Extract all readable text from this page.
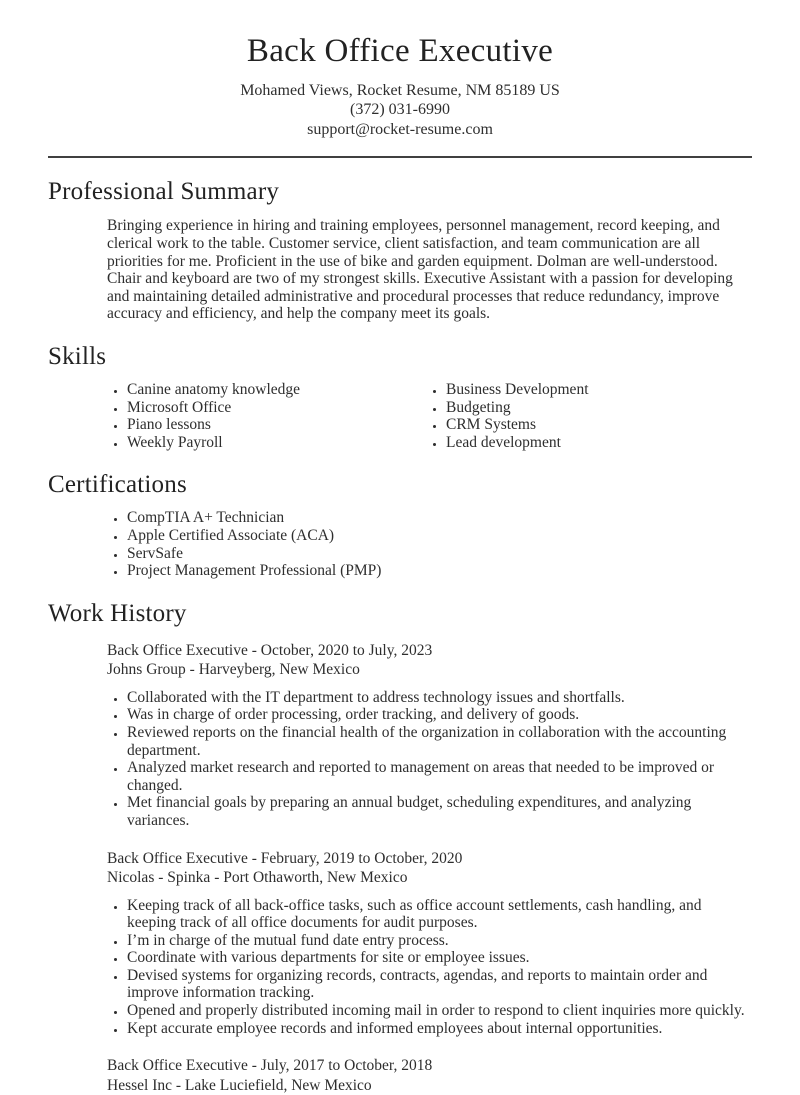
Back Office Executive
Mohamed Views, Rocket Resume, NM 85189 US
(372) 031-6990
support@rocket-resume.com
Professional Summary

Bringing experience in hiring and training employees, personnel management, record keeping, and clerical work to the table. Customer service, client satisfaction, and team communication are all priorities for me. Proficient in the use of bike and garden equipment. Dolman are well-understood. Chair and keyboard are two of my strongest skills. Executive Assistant with a passion for developing and maintaining detailed administrative and procedural processes that reduce redundancy, improve accuracy and efficiency, and help the company meet its goals.

Skills
• Canine anatomy knowledge
• Microsoft Office
• Piano lessons
• Weekly Payroll
• Business Development
• Budgeting
• CRM Systems
• Lead development
Certifications
• CompTIA A+ Technician
• Apple Certified Associate (ACA)
• ServSafe
• Project Management Professional (PMP)
Work History
Back Office Executive - October, 2020 to July, 2023
Johns Group - Harveyberg, New Mexico
• Collaborated with the IT department to address technology issues and shortfalls.
• Was in charge of order processing, order tracking, and delivery of goods.
• Reviewed reports on the financial health of the organization in collaboration with the accounting department.
• Analyzed market research and reported to management on areas that needed to be improved or changed.
• Met financial goals by preparing an annual budget, scheduling expenditures, and analyzing variances.
Back Office Executive - February, 2019 to October, 2020
Nicolas - Spinka - Port Othaworth, New Mexico
• Keeping track of all back-office tasks, such as office account settlements, cash handling, and keeping track of all office documents for audit purposes.
• I’m in charge of the mutual fund date entry process.
• Coordinate with various departments for site or employee issues.
• Devised systems for organizing records, contracts, agendas, and reports to maintain order and improve information tracking.
• Opened and properly distributed incoming mail in order to respond to client inquiries more quickly.
• Kept accurate employee records and informed employees about internal opportunities.
Back Office Executive - July, 2017 to October, 2018
Hessel Inc - Lake Luciefield, New Mexico
